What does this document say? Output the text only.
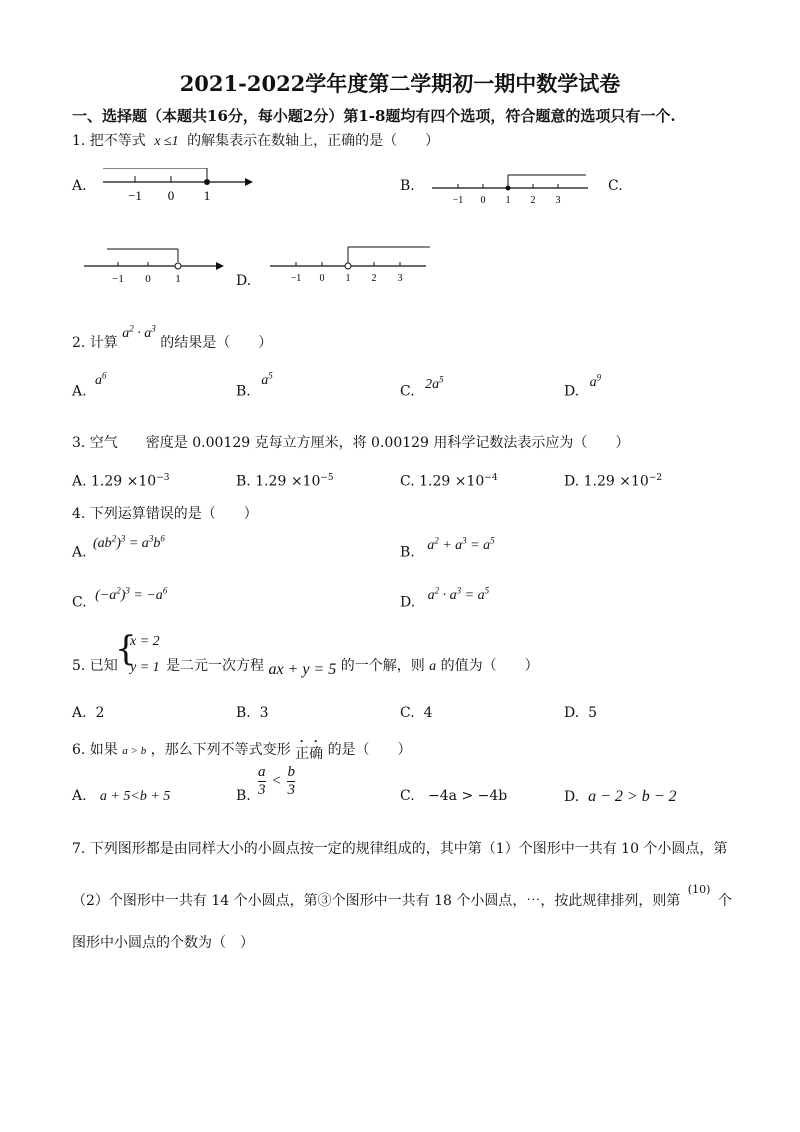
2021-2022学年度第二学期初一期中数学试卷
一、选择题（本题共16分，每小题2分）第1-8题均有四个选项，符合题意的选项只有一个.
1. 把不等式 x ≤1 的解集表示在数轴上，正确的是（　　）
A.
−1 0 1
B.
−1 0 1 2 3
C.
−1 0 1	D.	−1 0 1 2 3
2. 计算 $a^2 \cdot a^3$ 的结果是（　　）
A. $a^6$
B. $a^5$
C. $2a^5$
D. $a^9$
3. 空气　　密度是 0.00129 克每立方厘米，将 0.00129 用科学记数法表示应为（　　）
A. $1.29 \times 10^{-3}$	B. $1.29 \times 10^{-5}$	C. $1.29 \times 10^{-4}$	D. $1.29 \times 10^{-2}$
4. 下列运算错误的是（　　）
A. $(ab^2)^3 = a^3b^6$
B. $a^2 + a^3 = a^5$
C. $(-a^2)^3 = -a^6$
D. $a^2 \cdot a^3 = a^5$
5. 已知
{
x = 2
y = 1 是二元一次方程 ax + y = 5 的一个解，则 a 的值为（　　）
A. 2	B. 3	C. 4	D. 5
6. 如果 a > b ，那么下列不等式变形 正确 的是（　　）
A. a + 5<b + 5	B.
a

3
< b

3	C. −4a > −4b	D. a − 2 > b − 2
7. 下列图形都是由同样大小的小圆点按一定的规律组成的，其中第（1）个图形中一共有 10 个小圆点，第
（2）个图形中一共有 14 个小圆点，第③个图形中一共有 18 个小圆点，⋯，按此规律排列，则第 $^{(10)}$ 个
图形中小圆点的个数为（　）
